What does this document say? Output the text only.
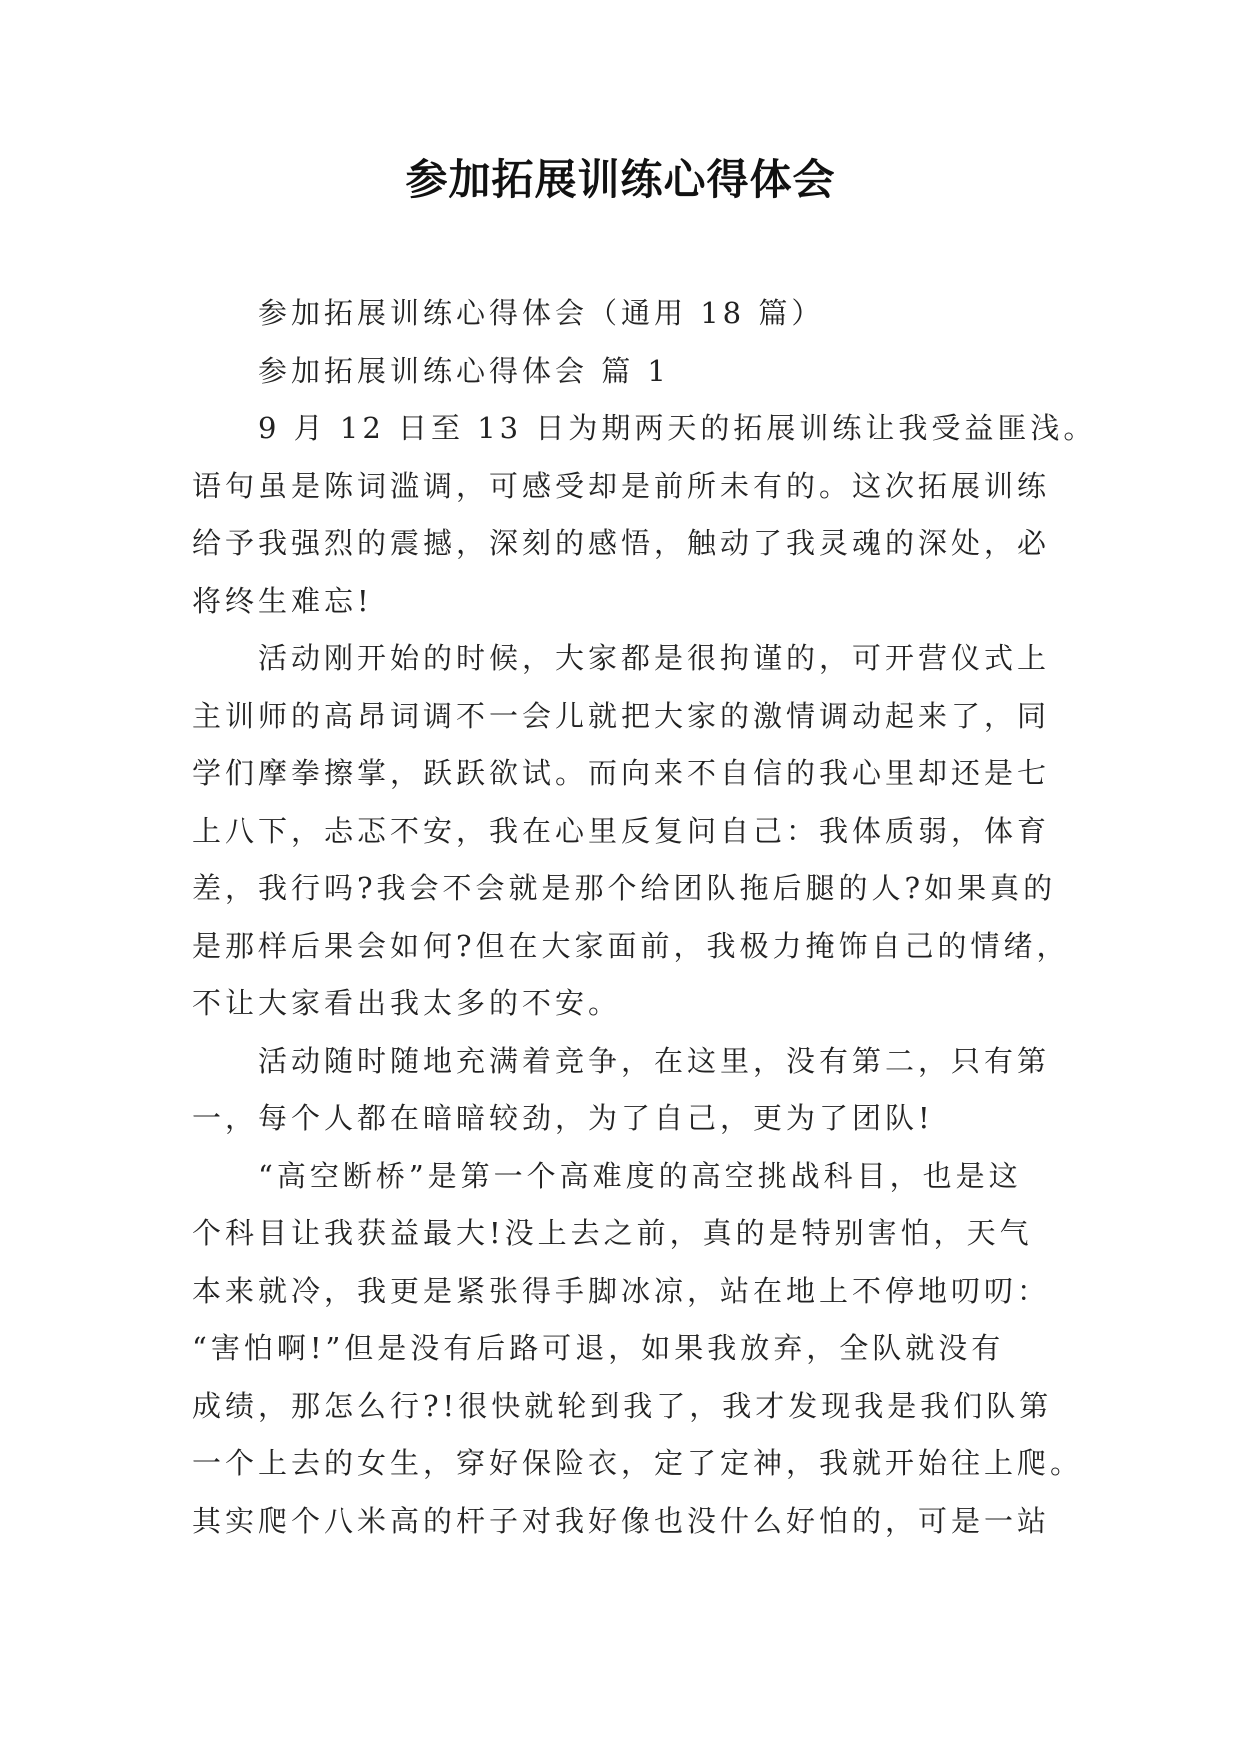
参加拓展训练心得体会

参加拓展训练心得体会（通用 18 篇）

参加拓展训练心得体会 篇 1

9 月 12 日至 13 日为期两天的拓展训练让我受益匪浅。
语句虽是陈词滥调，可感受却是前所未有的。这次拓展训练
给予我强烈的震撼，深刻的感悟，触动了我灵魂的深处，必
将终生难忘!

活动刚开始的时候，大家都是很拘谨的，可开营仪式上
主训师的高昂词调不一会儿就把大家的激情调动起来了，同
学们摩拳擦掌，跃跃欲试。而向来不自信的我心里却还是七
上八下，忐忑不安，我在心里反复问自己：我体质弱，体育
差，我行吗?我会不会就是那个给团队拖后腿的人?如果真的
是那样后果会如何?但在大家面前，我极力掩饰自己的情绪，
不让大家看出我太多的不安。

活动随时随地充满着竞争，在这里，没有第二，只有第
一，每个人都在暗暗较劲，为了自己，更为了团队!

“高空断桥”是第一个高难度的高空挑战科目，也是这
个科目让我获益最大!没上去之前，真的是特别害怕，天气
本来就冷，我更是紧张得手脚冰凉，站在地上不停地叨叨：
“害怕啊!”但是没有后路可退，如果我放弃，全队就没有
成绩，那怎么行?!很快就轮到我了，我才发现我是我们队第
一个上去的女生，穿好保险衣，定了定神，我就开始往上爬。
其实爬个八米高的杆子对我好像也没什么好怕的，可是一站
